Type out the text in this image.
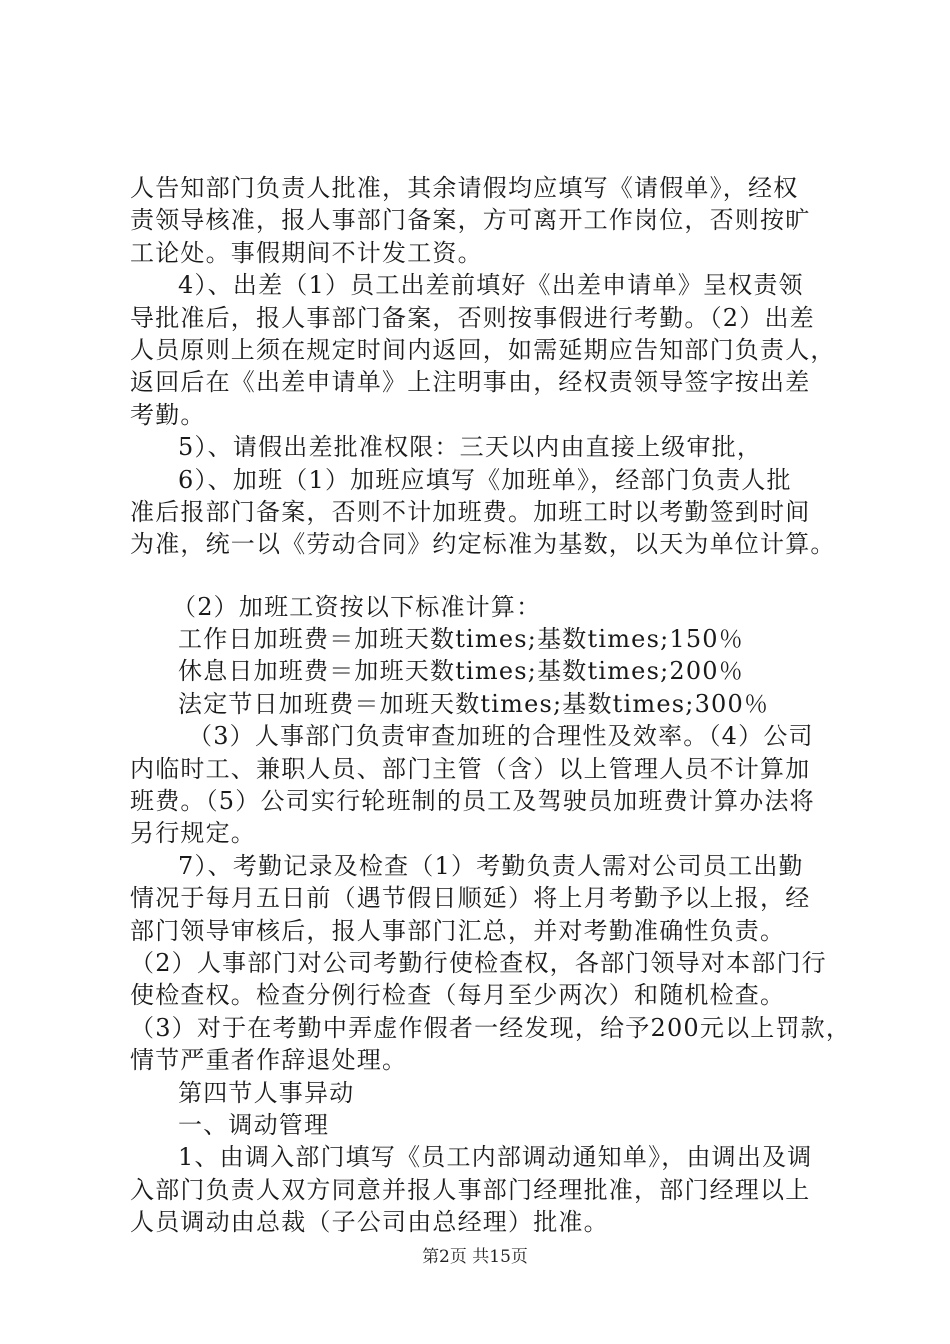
人告知部门负责人批准，其余请假均应填写《请假单》，经权
责领导核准，报人事部门备案，方可离开工作岗位，否则按旷
工论处。事假期间不计发工资。
4）、出差（1）员工出差前填好《出差申请单》呈权责领
导批准后，报人事部门备案，否则按事假进行考勤。（2）出差
人员原则上须在规定时间内返回，如需延期应告知部门负责人，
返回后在《出差申请单》上注明事由，经权责领导签字按出差
考勤。
5）、请假出差批准权限：三天以内由直接上级审批，
6）、加班（1）加班应填写《加班单》，经部门负责人批
准后报部门备案，否则不计加班费。加班工时以考勤签到时间
为准，统一以《劳动合同》约定标准为基数，以天为单位计算。
（2）加班工资按以下标准计算：
工作日加班费＝加班天数times;基数times;150％
休息日加班费＝加班天数times;基数times;200％
法定节日加班费＝加班天数times;基数times;300％
（3）人事部门负责审查加班的合理性及效率。（4）公司
内临时工、兼职人员、部门主管（含）以上管理人员不计算加
班费。（5）公司实行轮班制的员工及驾驶员加班费计算办法将
另行规定。
7）、考勤记录及检查（1）考勤负责人需对公司员工出勤
情况于每月五日前（遇节假日顺延）将上月考勤予以上报，经
部门领导审核后，报人事部门汇总，并对考勤准确性负责。
（2）人事部门对公司考勤行使检查权，各部门领导对本部门行
使检查权。检查分例行检查（每月至少两次）和随机检查。
（3）对于在考勤中弄虚作假者一经发现，给予200元以上罚款，
情节严重者作辞退处理。
第四节人事异动
一、调动管理
1、由调入部门填写《员工内部调动通知单》，由调出及调
入部门负责人双方同意并报人事部门经理批准，部门经理以上
人员调动由总裁（子公司由总经理）批准。
第2页 共15页
